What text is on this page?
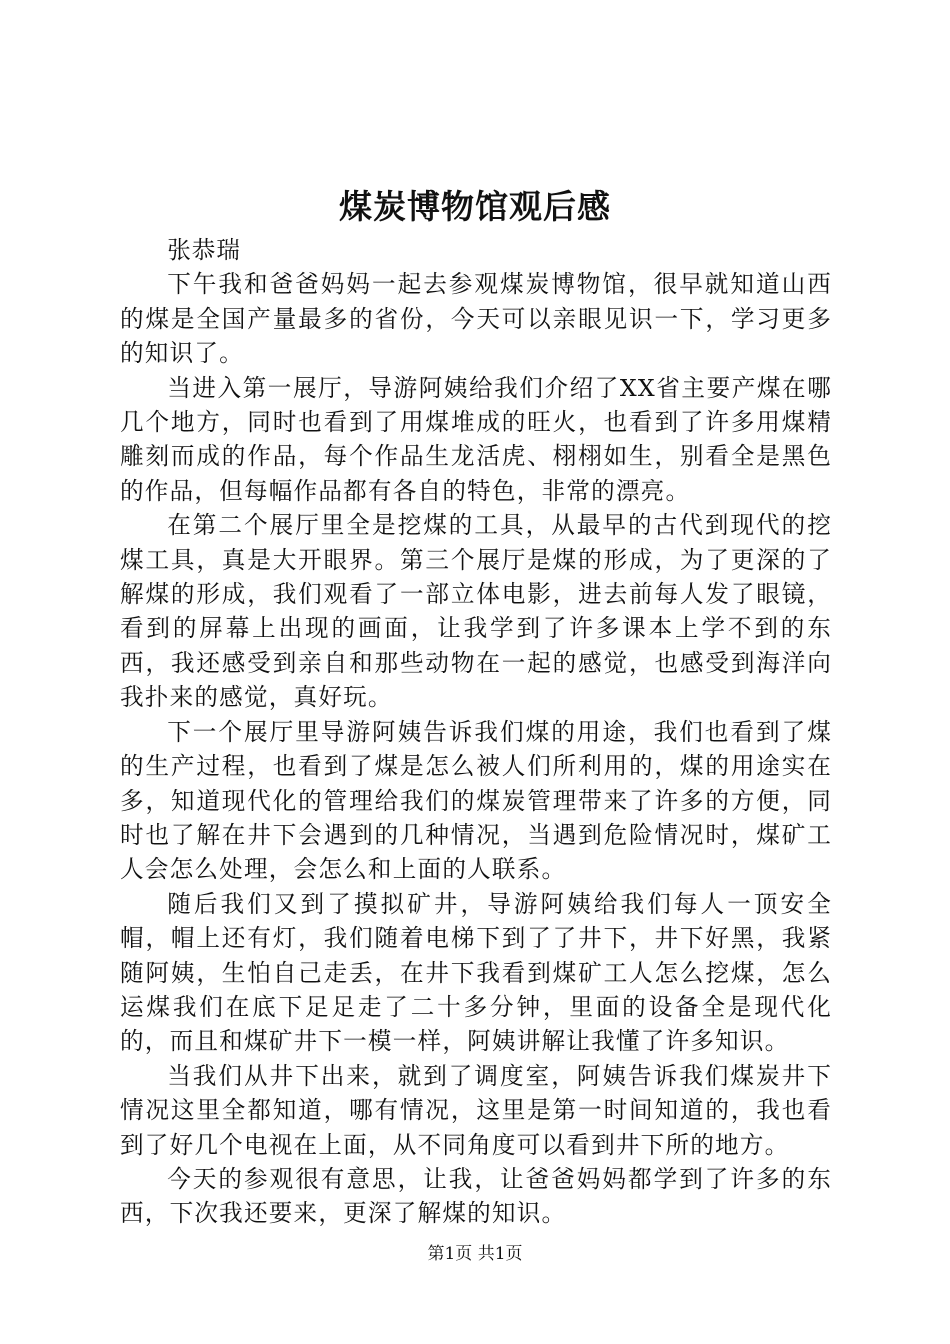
煤炭博物馆观后感

张恭瑞

下午我和爸爸妈妈一起去参观煤炭博物馆，很早就知道山西的煤是全国产量最多的省份，今天可以亲眼见识一下，学习更多的知识了。

当进入第一展厅，导游阿姨给我们介绍了XX省主要产煤在哪几个地方，同时也看到了用煤堆成的旺火，也看到了许多用煤精雕刻而成的作品，每个作品生龙活虎、栩栩如生，别看全是黑色的作品，但每幅作品都有各自的特色，非常的漂亮。

在第二个展厅里全是挖煤的工具，从最早的古代到现代的挖煤工具，真是大开眼界。第三个展厅是煤的形成，为了更深的了解煤的形成，我们观看了一部立体电影，进去前每人发了眼镜，看到的屏幕上出现的画面，让我学到了许多课本上学不到的东西，我还感受到亲自和那些动物在一起的感觉，也感受到海洋向我扑来的感觉，真好玩。

下一个展厅里导游阿姨告诉我们煤的用途，我们也看到了煤的生产过程，也看到了煤是怎么被人们所利用的，煤的用途实在多，知道现代化的管理给我们的煤炭管理带来了许多的方便，同时也了解在井下会遇到的几种情况，当遇到危险情况时，煤矿工人会怎么处理，会怎么和上面的人联系。

随后我们又到了摸拟矿井，导游阿姨给我们每人一顶安全帽，帽上还有灯，我们随着电梯下到了了井下，井下好黑，我紧随阿姨，生怕自己走丢，在井下我看到煤矿工人怎么挖煤，怎么运煤我们在底下足足走了二十多分钟，里面的设备全是现代化的，而且和煤矿井下一模一样，阿姨讲解让我懂了许多知识。

当我们从井下出来，就到了调度室，阿姨告诉我们煤炭井下情况这里全都知道，哪有情况，这里是第一时间知道的，我也看到了好几个电视在上面，从不同角度可以看到井下所的地方。

今天的参观很有意思，让我，让爸爸妈妈都学到了许多的东西，下次我还要来，更深了解煤的知识。

第1页 共1页
